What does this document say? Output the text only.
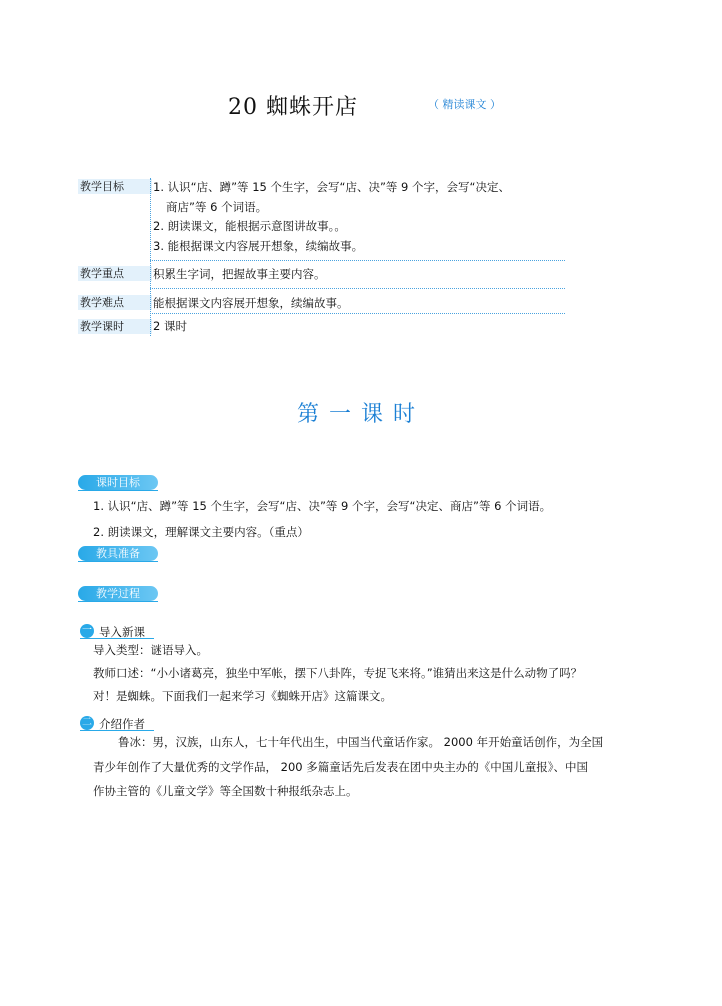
20 蜘蛛开店	（ 精读课文 ）
教学目标	1. 认识“店、蹲”等 15 个生字，会写“店、决”等 9 个字，会写“决定、
商店”等 6 个词语。
2. 朗读课文，能根据示意图讲故事。。
3. 能根据课文内容展开想象，续编故事。
教学重点	积累生字词，把握故事主要内容。
教学难点	能根据课文内容展开想象，续编故事。
教学课时	2 课时
第一课时
课时目标
1. 认识“店、蹲”等 15 个生字，会写“店、决”等 9 个字，会写“决定、商店”等 6 个词语。
2. 朗读课文，理解课文主要内容。（重点）
教具准备
教学过程
一 导入新课
导入类型：谜语导入。
教师口述：“小小诸葛亮，独坐中军帐，摆下八卦阵，专捉飞来将。”谁猜出来这是什么动物了吗？
对！是蜘蛛。下面我们一起来学习《蜘蛛开店》这篇课文。
二 介绍作者
鲁冰：男，汉族，山东人，七十年代出生，中国当代童话作家。 2000 年开始童话创作，为全国
青少年创作了大量优秀的文学作品， 200 多篇童话先后发表在团中央主办的《中国儿童报》、中国
作协主管的《儿童文学》等全国数十种报纸杂志上。
